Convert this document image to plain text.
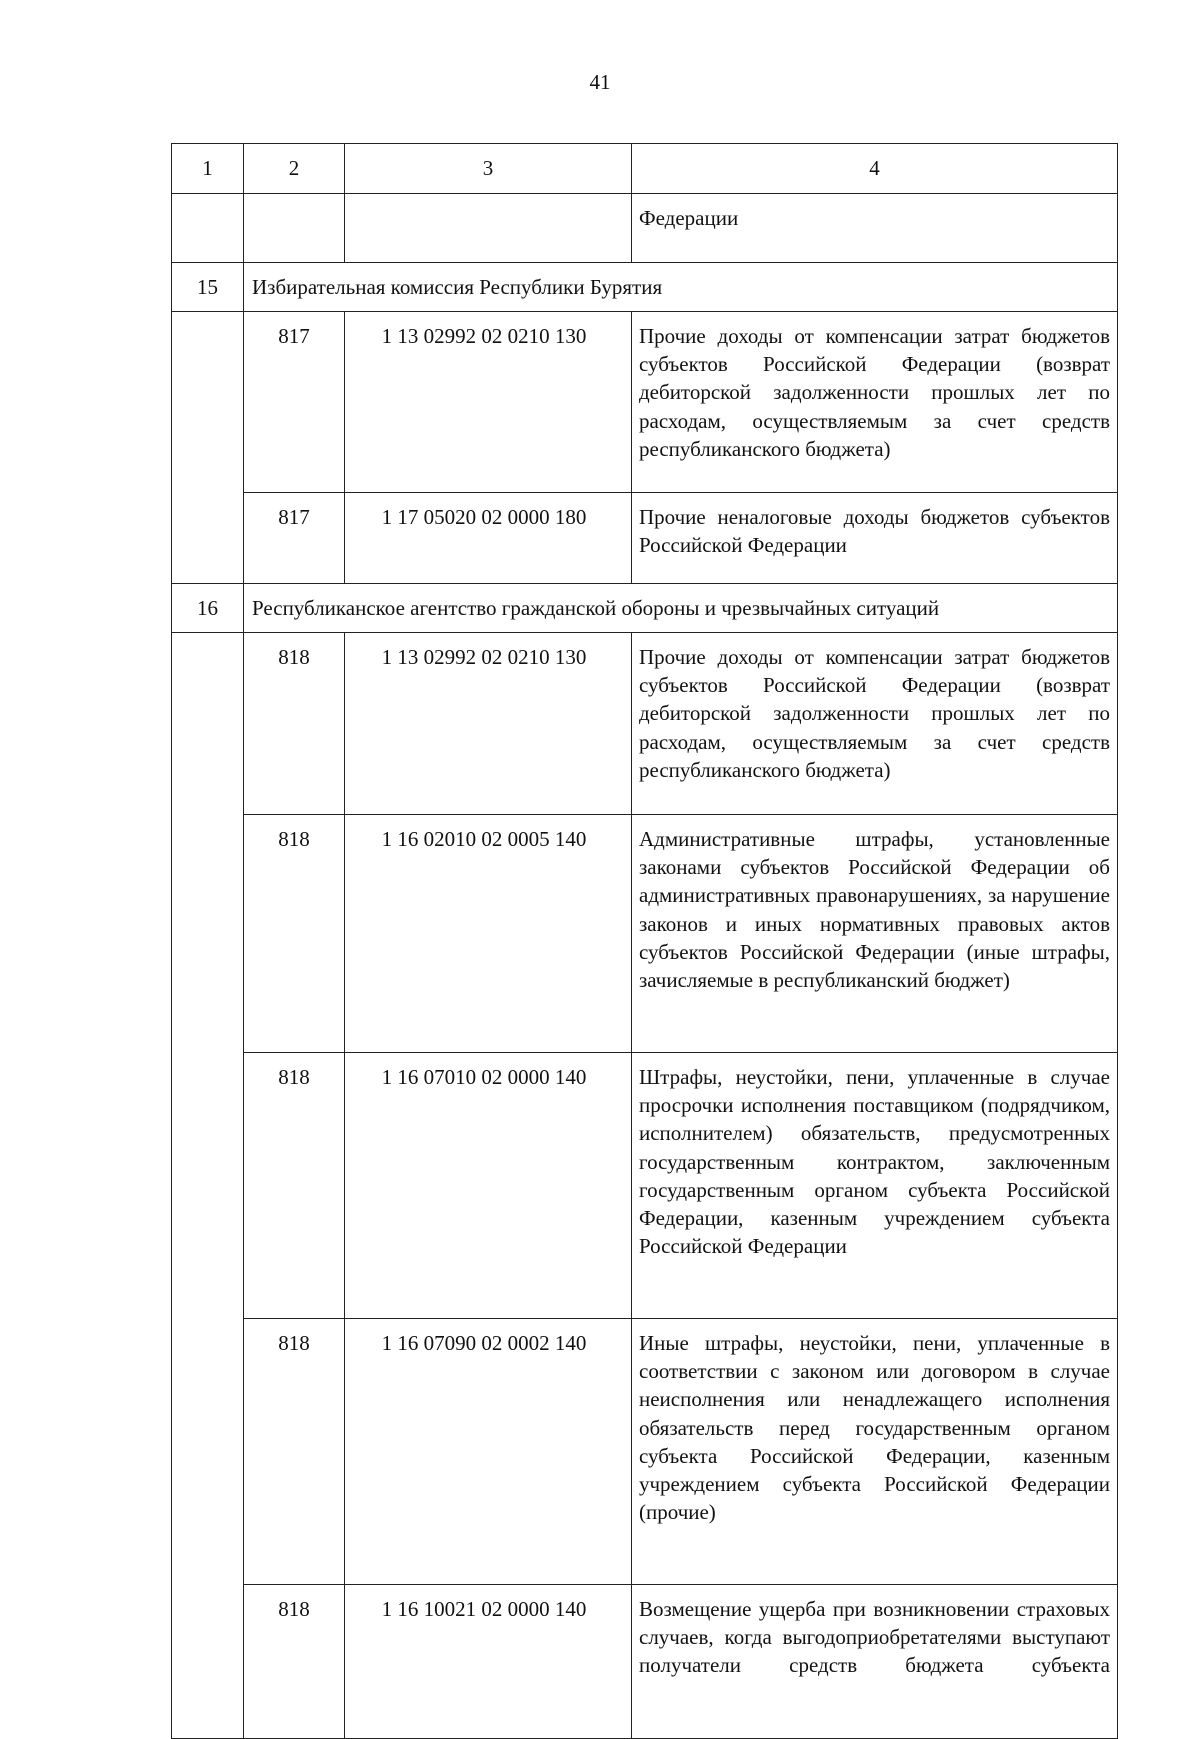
41
1	2	3	4
			Федерации
15	Избирательная комиссия Республики Бурятия		
	817	1 13 02992 02 0210 130	Прочие доходы от компенсации затрат бюджетов субъектов Российской Федерации (возврат дебиторской задолженности прошлых лет по расходам, осуществляемым за счет средств республиканского бюджета)
	817	1 17 05020 02 0000 180	Прочие неналоговые доходы бюджетов субъектов Российской Федерации
16	Республиканское агентство гражданской обороны и чрезвычайных ситуаций		
	818	1 13 02992 02 0210 130	Прочие доходы от компенсации затрат бюджетов субъектов Российской Федерации (возврат дебиторской задолженности прошлых лет по расходам, осуществляемым за счет средств республиканского бюджета)
	818	1 16 02010 02 0005 140	Административные штрафы, установленные законами субъектов Российской Федерации об административных правонарушениях, за нарушение законов и иных нормативных правовых актов субъектов Российской Федерации (иные штрафы, зачисляемые в республиканский бюджет)
	818	1 16 07010 02 0000 140	Штрафы, неустойки, пени, уплаченные в случае просрочки исполнения поставщиком (подрядчиком, исполнителем) обязательств, предусмотренных государственным контрактом, заключенным государственным органом субъекта Российской Федерации, казенным учреждением субъекта Российской Федерации
	818	1 16 07090 02 0002 140	Иные штрафы, неустойки, пени, уплаченные в соответствии с законом или договором в случае неисполнения или ненадлежащего исполнения обязательств перед государственным органом субъекта Российской Федерации, казенным учреждением субъекта Российской Федерации (прочие)
	818	1 16 10021 02 0000 140	Возмещение ущерба при возникновении страховых случаев, когда выгодоприобретателями выступают получатели средств бюджета субъекта
